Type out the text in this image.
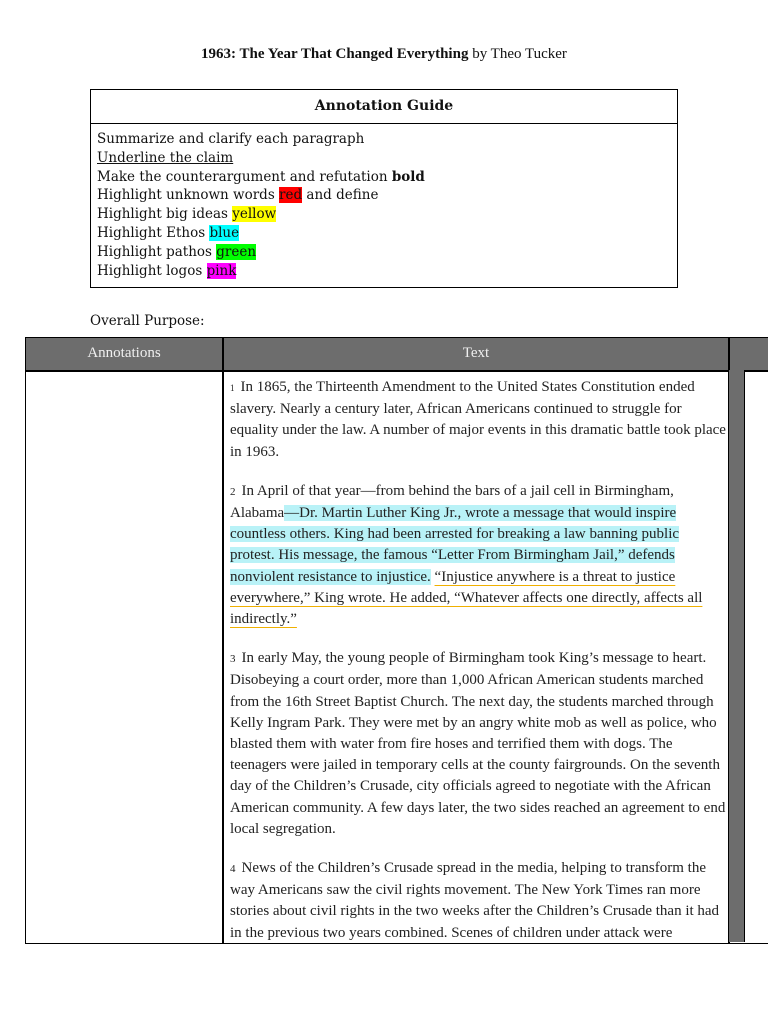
1963: The Year That Changed Everything by Theo Tucker
Annotation Guide
Summarize and clarify each paragraph
Underline the claim
Make the counterargument and refutation bold
Highlight unknown words red and define
Highlight big ideas yellow
Highlight Ethos blue
Highlight pathos green
Highlight logos pink
Overall Purpose:
Annotations	Text

1 In 1865, the Thirteenth Amendment to the United States Constitution ended slavery. Nearly a century later, African Americans continued to struggle for equality under the law. A number of major events in this dramatic battle took place in 1963.

2 In April of that year—from behind the bars of a jail cell in Birmingham, Alabama—Dr. Martin Luther King Jr., wrote a message that would inspire countless others. King had been arrested for breaking a law banning public protest. His message, the famous “Letter From Birmingham Jail,” defends nonviolent resistance to injustice. “Injustice anywhere is a threat to justice everywhere,” King wrote. He added, “Whatever affects one directly, affects all indirectly.”

3 In early May, the young people of Birmingham took King’s message to heart. Disobeying a court order, more than 1,000 African American students marched from the 16th Street Baptist Church. The next day, the students marched through Kelly Ingram Park. They were met by an angry white mob as well as police, who blasted them with water from fire hoses and terrified them with dogs. The teenagers were jailed in temporary cells at the county fairgrounds. On the seventh day of the Children’s Crusade, city officials agreed to negotiate with the African American community. A few days later, the two sides reached an agreement to end local segregation.

4 News of the Children’s Crusade spread in the media, helping to transform the way Americans saw the civil rights movement. The New York Times ran more stories about civil rights in the two weeks after the Children’s Crusade than it had in the previous two years combined. Scenes of children under attack were
